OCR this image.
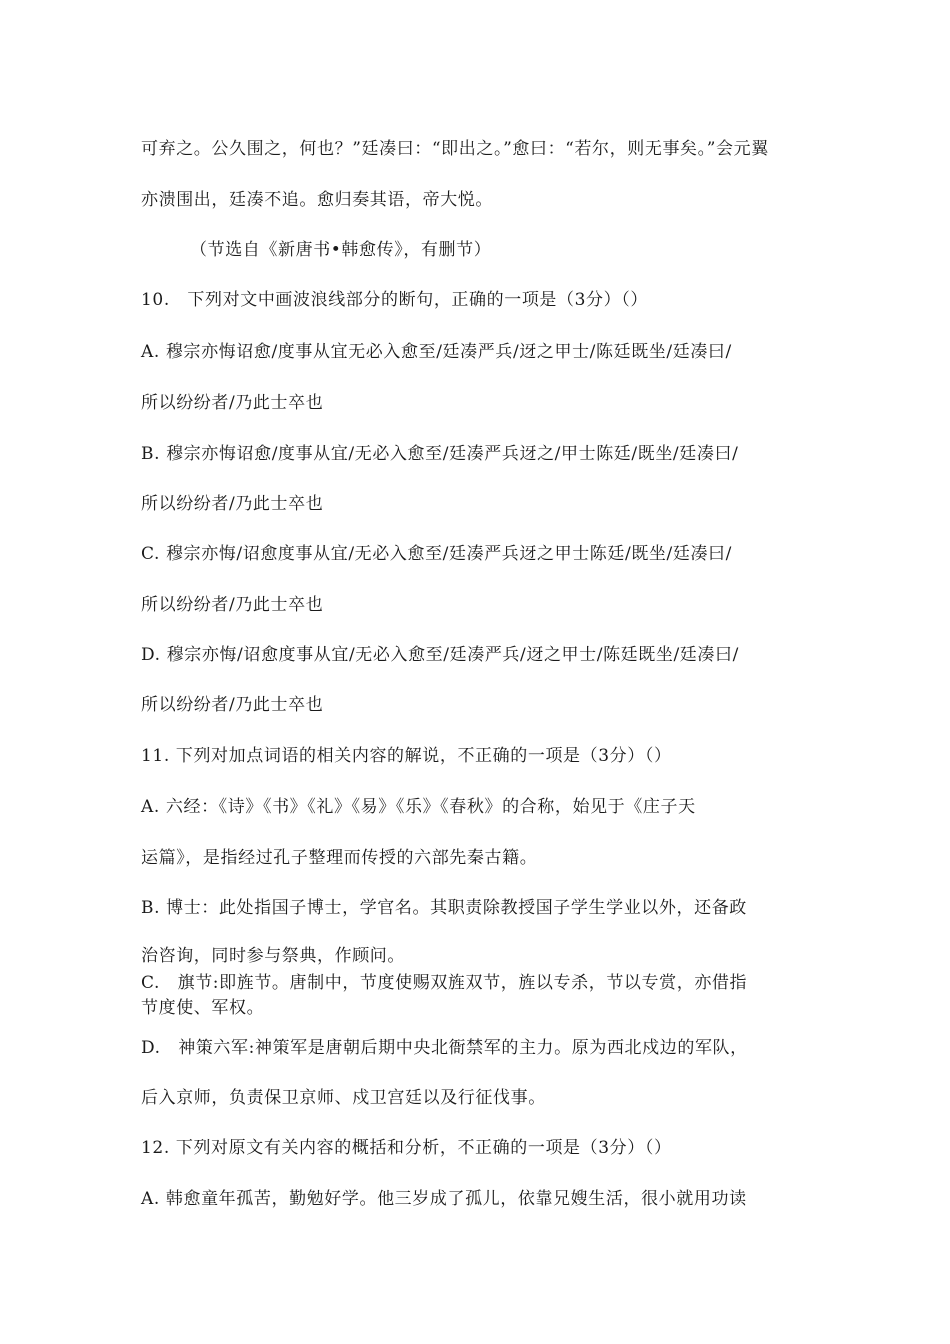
可弃之。公久围之，何也？”廷凑曰：“即出之。”愈曰：“若尔，则无事矣。”会元翼
亦溃围出，廷凑不追。愈归奏其语，帝大悦。
（节选自《新唐书•韩愈传》，有删节）
10.　下列对文中画波浪线部分的断句，正确的一项是（3分）（）
A. 穆宗亦悔诏愈/度事从宜无必入愈至/廷凑严兵/迓之甲士/陈廷既坐/廷凑曰/
所以纷纷者/乃此士卒也
B. 穆宗亦悔诏愈/度事从宜/无必入愈至/廷凑严兵迓之/甲士陈廷/既坐/廷凑曰/
所以纷纷者/乃此士卒也
C. 穆宗亦悔/诏愈度事从宜/无必入愈至/廷凑严兵迓之甲士陈廷/既坐/廷凑曰/
所以纷纷者/乃此士卒也
D. 穆宗亦悔/诏愈度事从宜/无必入愈至/廷凑严兵/迓之甲士/陈廷既坐/廷凑曰/
所以纷纷者/乃此士卒也
11. 下列对加点词语的相关内容的解说，不正确的一项是（3分）（）
A. 六经：《诗》《书》《礼》《易》《乐》《春秋》的合称，始见于《庄子天
运篇》，是指经过孔子整理而传授的六部先秦古籍。
B. 博士：此处指国子博士，学官名。其职责除教授国子学生学业以外，还备政
治咨询，同时参与祭典，作顾问。
C.　旗节:即旌节。唐制中，节度使赐双旌双节，旌以专杀，节以专赏，亦借指
节度使、军权。
D.　神策六军:神策军是唐朝后期中央北衙禁军的主力。原为西北戍边的军队，
后入京师，负责保卫京师、戍卫宫廷以及行征伐事。
12. 下列对原文有关内容的概括和分析，不正确的一项是（3分）（）
A. 韩愈童年孤苦，勤勉好学。他三岁成了孤儿，依靠兄嫂生活，很小就用功读
